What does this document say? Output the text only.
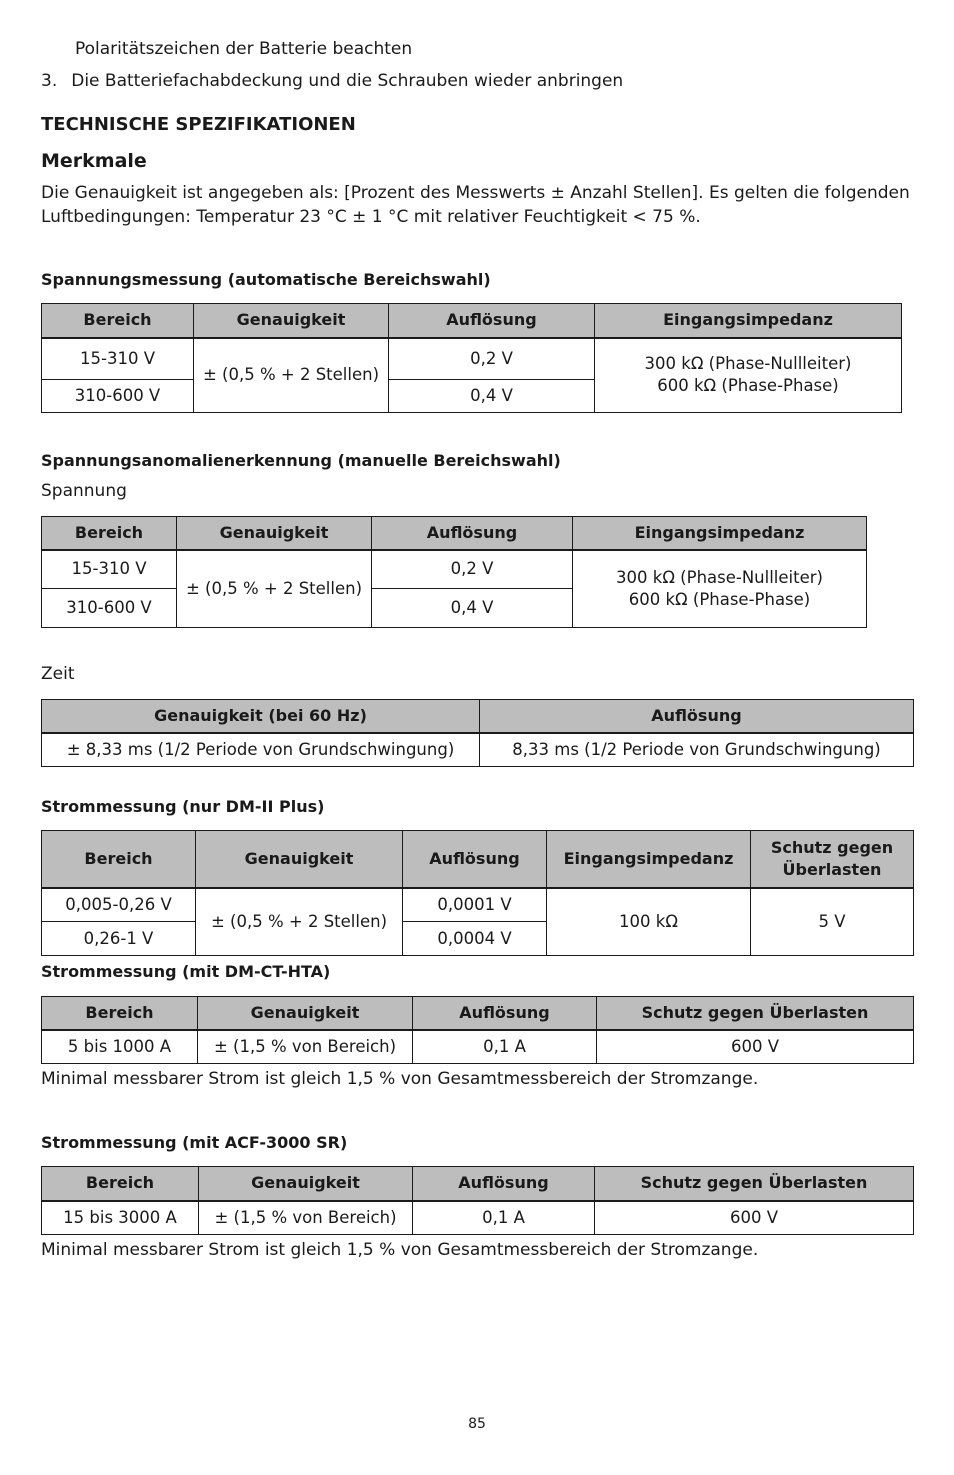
Polaritätszeichen der Batterie beachten
3. Die Batteriefachabdeckung und die Schrauben wieder anbringen
TECHNISCHE SPEZIFIKATIONEN
Merkmale
Die Genauigkeit ist angegeben als: [Prozent des Messwerts ± Anzahl Stellen]. Es gelten die folgenden Luftbedingungen: Temperatur 23 °C ± 1 °C mit relativer Feuchtigkeit < 75 %.
Spannungsmessung (automatische Bereichswahl)
Bereich	Genauigkeit	Auflösung	Eingangsimpedanz
15-310 V	± (0,5 % + 2 Stellen)	0,2 V	300 kΩ (Phase-Nullleiter)
600 kΩ (Phase-Phase)

310-600 V		0,4 V	
Spannungsanomalienerkennung (manuelle Bereichswahl)
Spannung
Bereich	Genauigkeit	Auflösung	Eingangsimpedanz
15-310 V	± (0,5 % + 2 Stellen)	0,2 V	300 kΩ (Phase-Nullleiter)
600 kΩ (Phase-Phase)

310-600 V		0,4 V	
Zeit
Genauigkeit (bei 60 Hz)	Auflösung
± 8,33 ms (1/2 Periode von Grundschwingung)	8,33 ms (1/2 Periode von Grundschwingung)
Strommessung (nur DM-II Plus)
Bereich	Genauigkeit	Auflösung	Eingangsimpedanz	Schutz gegen Überlasten
0,005-0,26 V	± (0,5 % + 2 Stellen)	0,0001 V	100 kΩ	5 V
0,26-1 V		0,0004 V		
Strommessung (mit DM-CT-HTA)
Bereich	Genauigkeit	Auflösung	Schutz gegen Überlasten
5 bis 1000 A	± (1,5 % von Bereich)	0,1 A	600 V
Minimal messbarer Strom ist gleich 1,5 % von Gesamtmessbereich der Stromzange.
Strommessung (mit ACF-3000 SR)
Bereich	Genauigkeit	Auflösung	Schutz gegen Überlasten
15 bis 3000 A	± (1,5 % von Bereich)	0,1 A	600 V
Minimal messbarer Strom ist gleich 1,5 % von Gesamtmessbereich der Stromzange.
85
